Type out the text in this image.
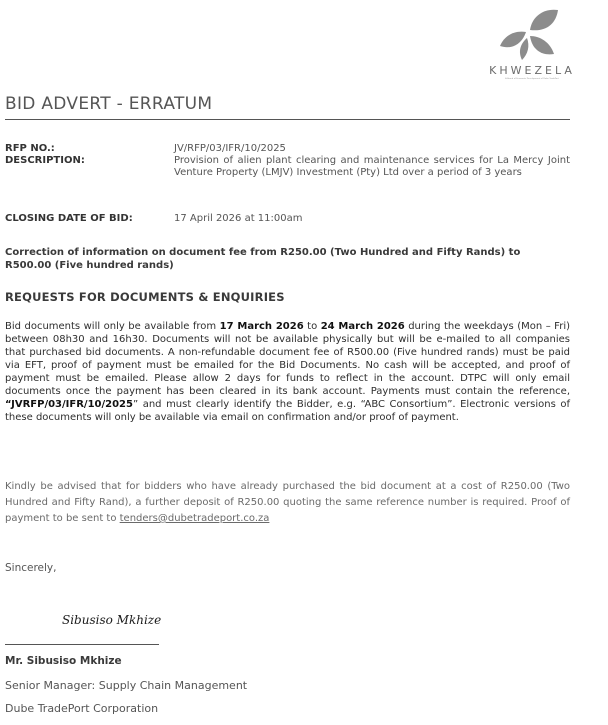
KHWEZELA
A Brand of Economic Development of Dube TradePort
BID ADVERT - ERRATUM
RFP NO.:	JV/RFP/03/IFR/10/2025
DESCRIPTION:	Provision of alien plant clearing and maintenance services for La Mercy Joint Venture Property (LMJV) Investment (Pty) Ltd over a period of 3 years
CLOSING DATE OF BID:	17 April 2026 at 11:00am
Correction of information on document fee from R250.00 (Two Hundred and Fifty Rands) to R500.00 (Five hundred rands)
REQUESTS FOR DOCUMENTS & ENQUIRIES
Bid documents will only be available from 17 March 2026 to 24 March 2026 during the weekdays (Mon – Fri) between 08h30 and 16h30. Documents will not be available physically but will be e-mailed to all companies that purchased bid documents. A non-refundable document fee of R500.00 (Five hundred rands) must be paid via EFT, proof of payment must be emailed for the Bid Documents. No cash will be accepted, and proof of payment must be emailed. Please allow 2 days for funds to reflect in the account. DTPC will only email documents once the payment has been cleared in its bank account. Payments must contain the reference, “JVRFP/03/IFR/10/2025” and must clearly identify the Bidder, e.g. “ABC Consortium”. Electronic versions of these documents will only be available via email on confirmation and/or proof of payment.
Kindly be advised that for bidders who have already purchased the bid document at a cost of R250.00 (Two Hundred and Fifty Rand), a further deposit of R250.00 quoting the same reference number is required. Proof of payment to be sent to tenders@dubetradeport.co.za
Sincerely,
Sibusiso Mkhize
Mr. Sibusiso Mkhize
Senior Manager: Supply Chain Management
Dube TradePort Corporation
